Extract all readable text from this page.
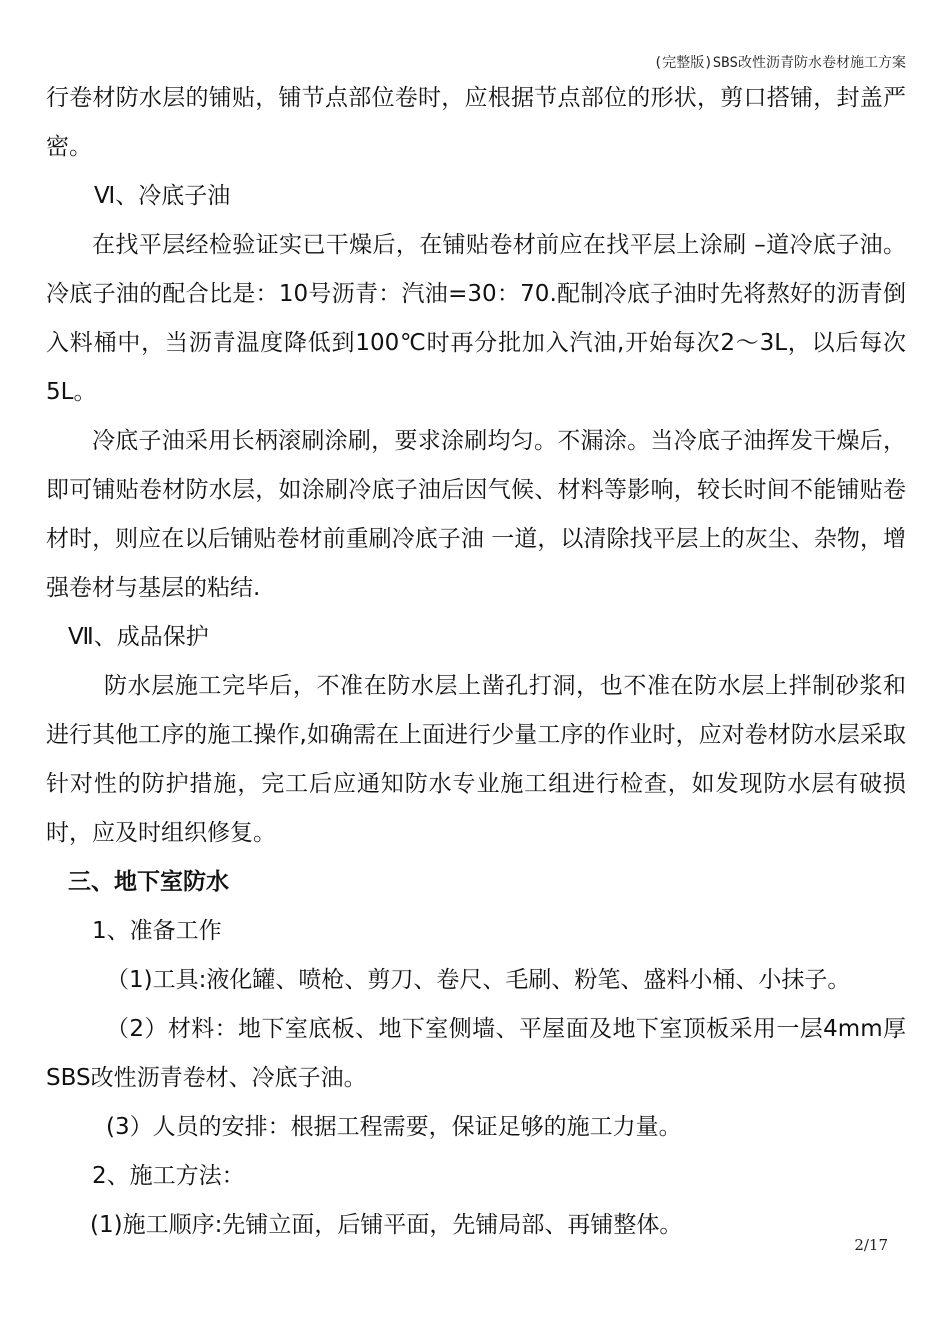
(完整版)SBS改性沥青防水卷材施工方案

行卷材防水层的铺贴，铺节点部位卷时，应根据节点部位的形状，剪口搭铺，封盖严密。

Ⅵ、冷底子油

在找平层经检验证实已干燥后，在铺贴卷材前应在找平层上涂刷 –道冷底子油。冷底子油的配合比是：10号沥青：汽油=30：70.配制冷底子油时先将熬好的沥青倒入料桶中，当沥青温度降低到100℃时再分批加入汽油,开始每次2～3L，以后每次5L。

冷底子油采用长柄滚刷涂刷，要求涂刷均匀。不漏涂。当冷底子油挥发干燥后，即可铺贴卷材防水层，如涂刷冷底子油后因气候、材料等影响，较长时间不能铺贴卷材时，则应在以后铺贴卷材前重刷冷底子油 一道，以清除找平层上的灰尘、杂物，增强卷材与基层的粘结.

Ⅶ、成品保护

防水层施工完毕后，不准在防水层上凿孔打洞，也不准在防水层上拌制砂浆和进行其他工序的施工操作,如确需在上面进行少量工序的作业时，应对卷材防水层采取针对性的防护措施，完工后应通知防水专业施工组进行检查，如发现防水层有破损时，应及时组织修复。

三、地下室防水

1、准备工作

（1)工具:液化罐、喷枪、剪刀、卷尺、毛刷、粉笔、盛料小桶、小抹子。

（2）材料：地下室底板、地下室侧墙、平屋面及地下室顶板采用一层4mm厚SBS改性沥青卷材、冷底子油。

(3）人员的安排：根据工程需要，保证足够的施工力量。

2、施工方法：

(1)施工顺序:先铺立面，后铺平面，先铺局部、再铺整体。

2/17
